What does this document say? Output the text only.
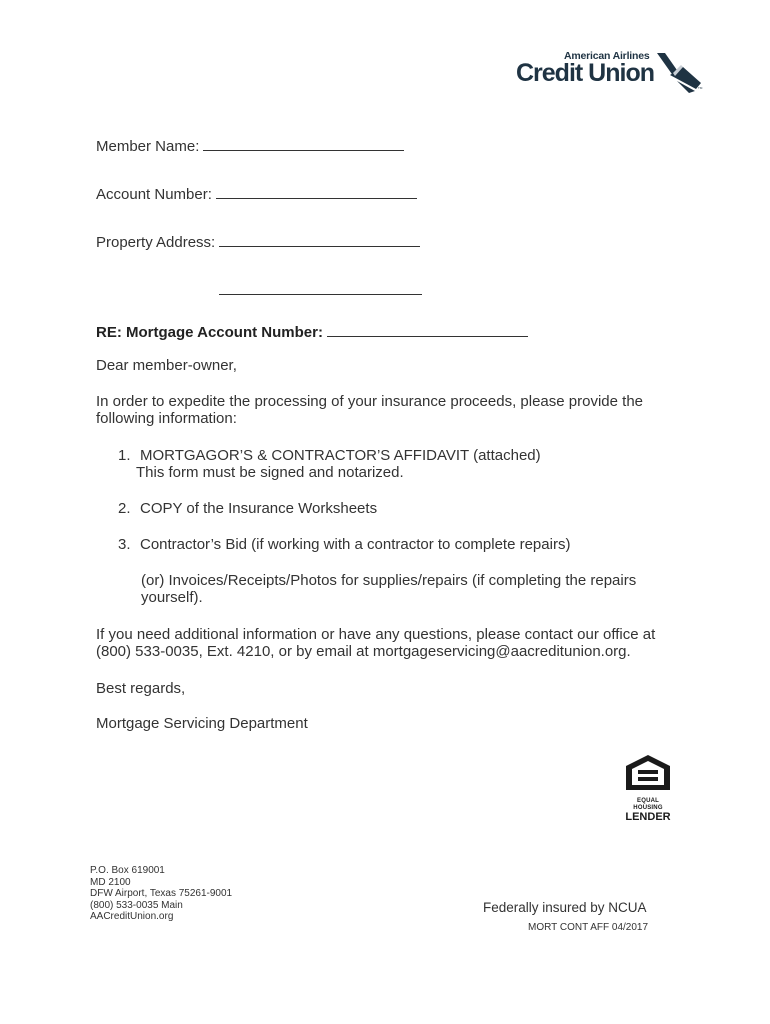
American Airlines
Credit Union
TM
Member Name:
Account Number:
Property Address:
RE: Mortgage Account Number:
Dear member-owner,
In order to expedite the processing of your insurance proceeds, please provide the following information:
1. MORTGAGOR’S & CONTRACTOR’S AFFIDAVIT (attached)
This form must be signed and notarized.
2. COPY of the Insurance Worksheets
3. Contractor’s Bid (if working with a contractor to complete repairs)
(or) Invoices/Receipts/Photos for supplies/repairs (if completing the repairs yourself).
If you need additional information or have any questions, please contact our office at (800) 533-0035, Ext. 4210, or by email at mortgageservicing@aacreditunion.org.
Best regards,
Mortgage Servicing Department
EQUAL HOUSING
LENDER
P.O. Box 619001
MD 2100
DFW Airport, Texas 75261-9001
(800) 533-0035 Main
AACreditUnion.org
Federally insured by NCUA
MORT CONT AFF 04/2017
